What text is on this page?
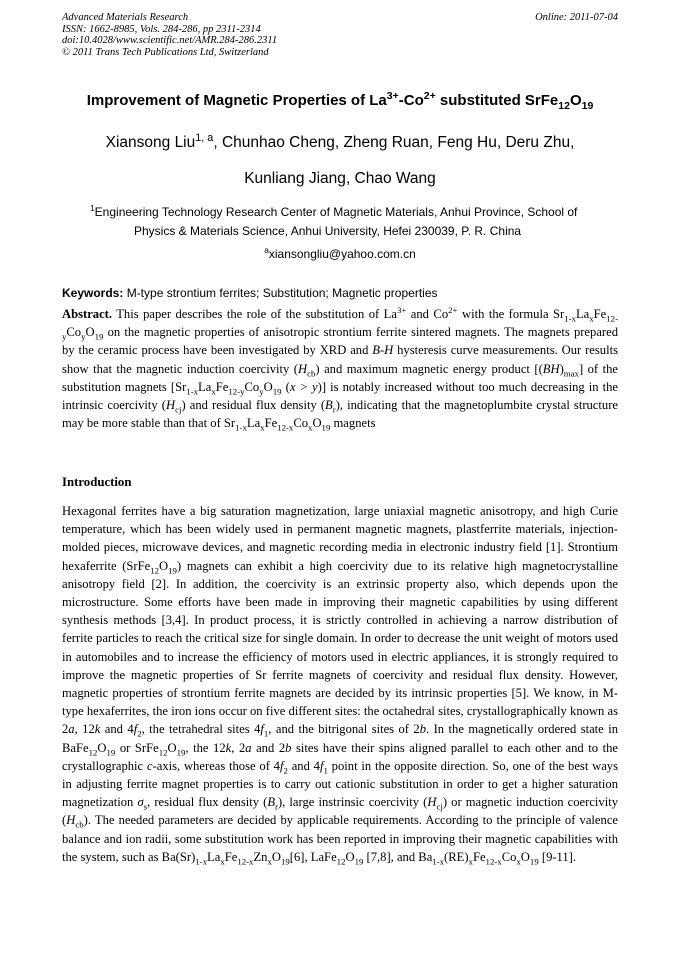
Advanced Materials Research
ISSN: 1662-8985, Vols. 284-286, pp 2311-2314
doi:10.4028/www.scientific.net/AMR.284-286.2311
© 2011 Trans Tech Publications Ltd, Switzerland
Online: 2011-07-04
Improvement of Magnetic Properties of $La^{3+}-Co^{2+}$ substituted $SrFe_{12}O_{19}$
Xiansong Liu$^{1, a}$, Chunhao Cheng, Zheng Ruan, Feng Hu, Deru Zhu,
Kunliang Jiang, Chao Wang
$^1$Engineering Technology Research Center of Magnetic Materials, Anhui Province, School of
Physics & Materials Science, Anhui University, Hefei 230039, P. R. China
$^a$xiansongliu@yahoo.com.cn
Keywords: M-type strontium ferrites; Substitution; Magnetic properties
Abstract. This paper describes the role of the substitution of $La^{3+}$ and $Co^{2+}$ with the formula $Sr_{1-x}La_xFe_{12-y}Co_yO_{19}$ on the magnetic properties of anisotropic strontium ferrite sintered magnets. The magnets prepared by the ceramic process have been investigated by XRD and B-H hysteresis curve measurements. Our results show that the magnetic induction coercivity $(H_{cb})$ and maximum magnetic energy product $[(BH)_{max}]$ of the substitution magnets [$Sr_{1-x}La_xFe_{12-y}Co_yO_{19}$ (x > y)] is notably increased without too much decreasing in the intrinsic coercivity $(H_{cj})$ and residual flux density $(B_r)$, indicating that the magnetoplumbite crystal structure may be more stable than that of $Sr_{1-x}La_xFe_{12-x}Co_xO_{19}$ magnets
Introduction
Hexagonal ferrites have a big saturation magnetization, large uniaxial magnetic anisotropy, and high Curie temperature, which has been widely used in permanent magnetic magnets, plastferrite materials, injection-molded pieces, microwave devices, and magnetic recording media in electronic industry field [1]. Strontium hexaferrite $(SrFe_{12}O_{19})$ magnets can exhibit a high coercivity due to its relative high magnetocrystalline anisotropy field [2]. In addition, the coercivity is an extrinsic property also, which depends upon the microstructure. Some efforts have been made in improving their magnetic capabilities by using different synthesis methods [3,4]. In product process, it is strictly controlled in achieving a narrow distribution of ferrite particles to reach the critical size for single domain. In order to decrease the unit weight of motors used in automobiles and to increase the efficiency of motors used in electric appliances, it is strongly required to improve the magnetic properties of Sr ferrite magnets of coercivity and residual flux density. However, magnetic properties of strontium ferrite magnets are decided by its intrinsic properties [5]. We know, in M-type hexaferrites, the iron ions occur on five different sites: the octahedral sites, crystallographically known as 2a, 12k and $4f_2$, the tetrahedral sites $4f_1$, and the bitrigonal sites of 2b. In the magnetically ordered state in $BaFe_{12}O_{19}$ or $SrFe_{12}O_{19}$, the 12k, 2a and 2b sites have their spins aligned parallel to each other and to the crystallographic c-axis, whereas those of $4f_2$ and $4f_1$ point in the opposite direction. So, one of the best ways in adjusting ferrite magnet properties is to carry out cationic substitution in order to get a higher saturation magnetization $\sigma_s$, residual flux density $(B_r)$, large instrinsic coercivity $(H_{cj})$ or magnetic induction coercivity $(H_{cb})$. The needed parameters are decided by applicable requirements. According to the principle of valence balance and ion radii, some substitution work has been reported in improving their magnetic capabilities with the system, such as $Ba(Sr)_{1-x}La_xFe_{12-x}Zn_xO_{19}[6]$, $LaFe_{12}O_{19}$ [7,8], and $Ba_{1-x}(RE)_xFe_{12-x}Co_xO_{19}$ [9-11].
